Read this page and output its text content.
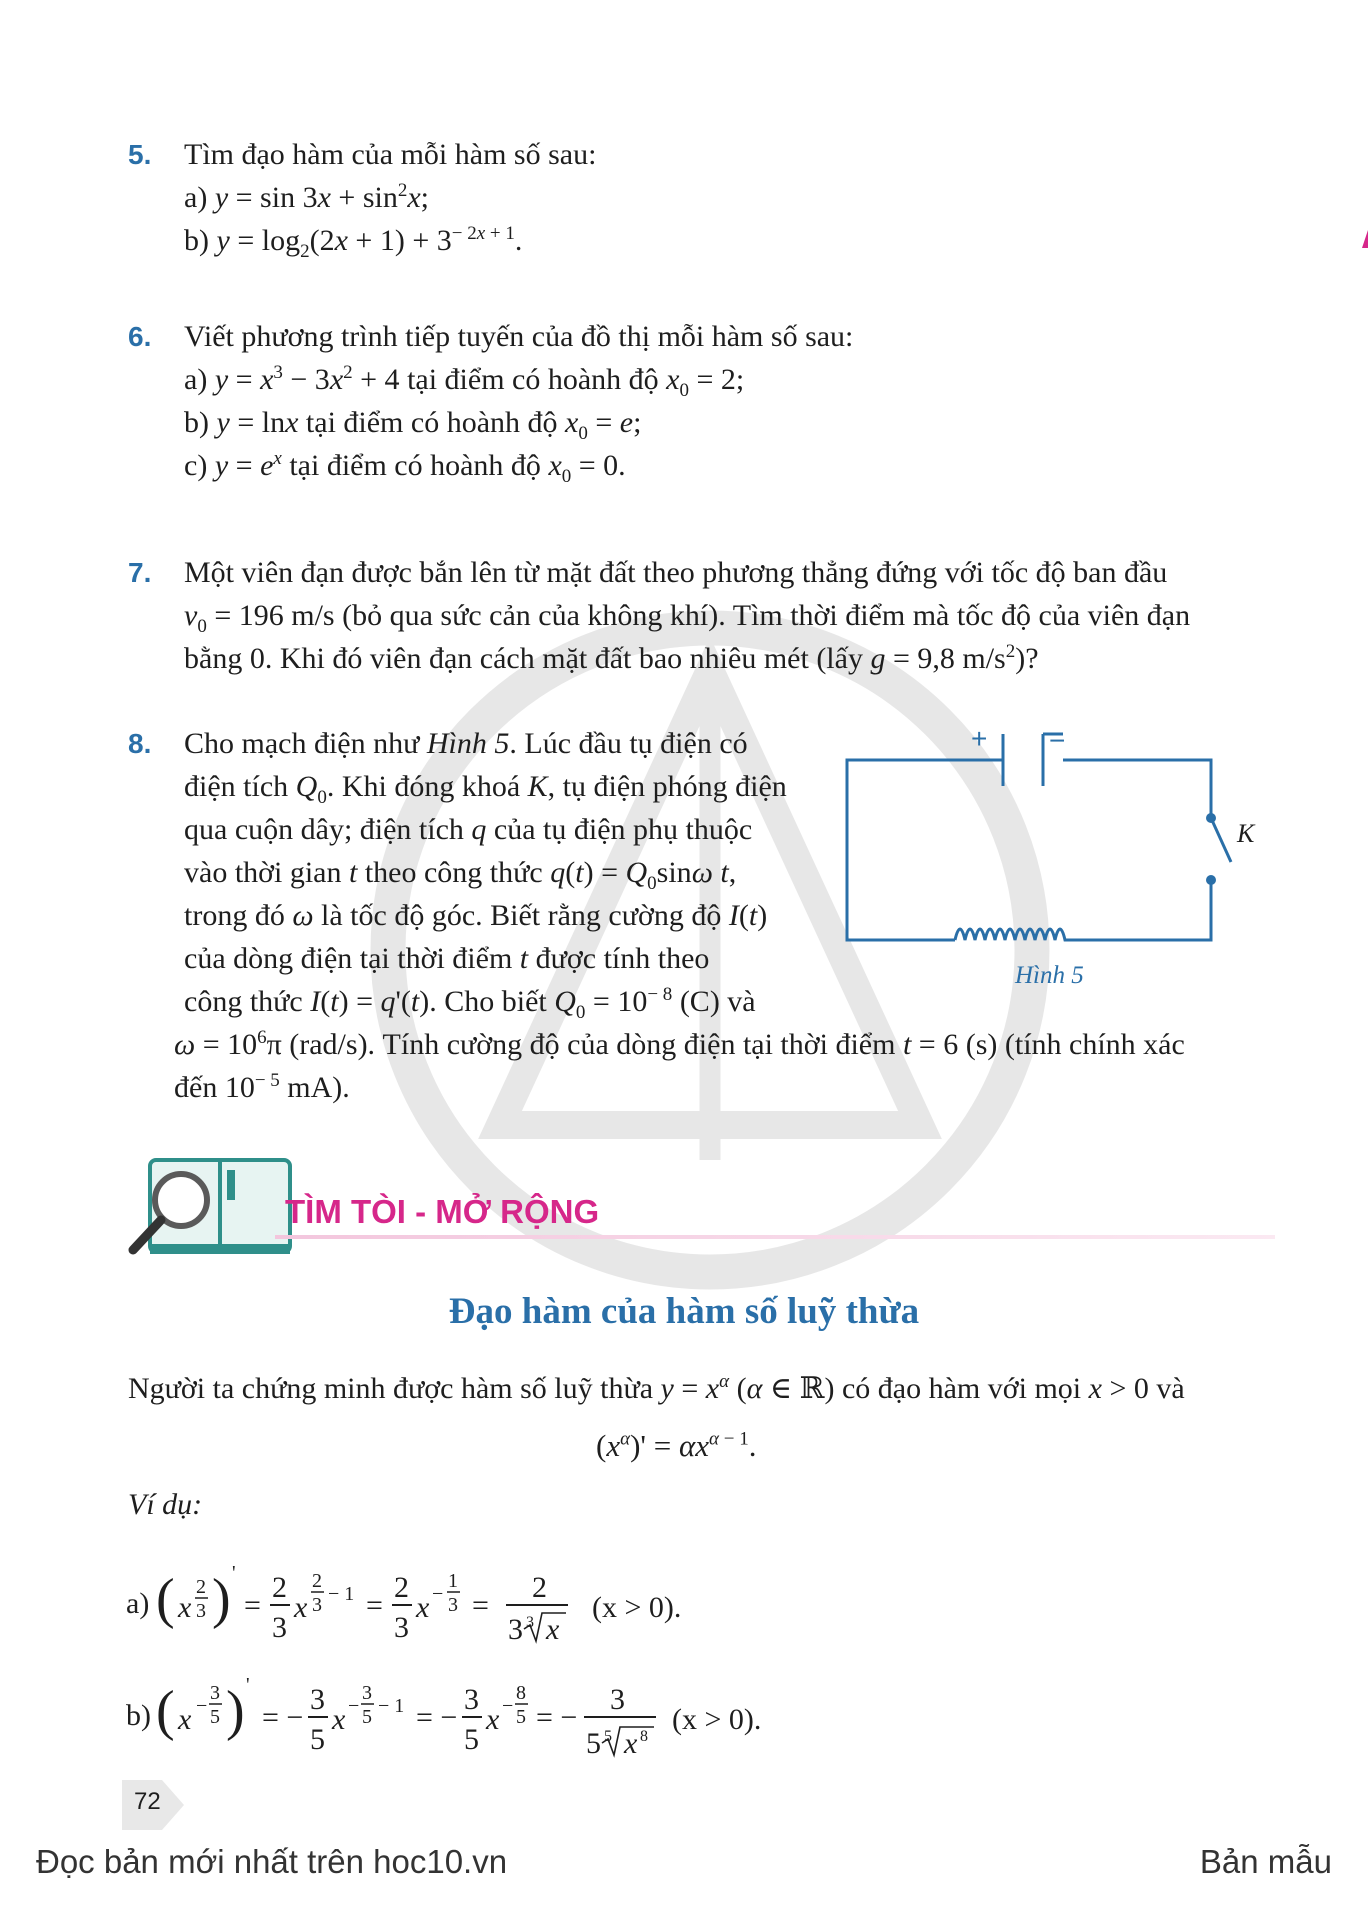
5. Tìm đạo hàm của mỗi hàm số sau:
a) $y = \sin 3x + \sin^2x$;
b) $y = \log_2(2x + 1) + 3^{- 2x + 1}$.
6. Viết phương trình tiếp tuyến của đồ thị mỗi hàm số sau:
a) $y = x^3 - 3x^2 + 4$ tại điểm có hoành độ $x_0 = 2$;
b) y = lnx tại điểm có hoành độ $x_0 = e$;
c) $y = e^x$ tại điểm có hoành độ $x_0 = 0$.
7. Một viên đạn được bắn lên từ mặt đất theo phương thẳng đứng với tốc độ ban đầu
$v_0 = 196$ m/s (bỏ qua sức cản của không khí). Tìm thời điểm mà tốc độ của viên đạn
bằng 0. Khi đó viên đạn cách mặt đất bao nhiêu mét (lấy g = 9,8 $m/s^2$)?
8. Cho mạch điện như Hình 5. Lúc đầu tụ điện có
điện tích $Q_0$. Khi đóng khoá K, tụ điện phóng điện
qua cuộn dây; điện tích q của tụ điện phụ thuộc
vào thời gian t theo công thức $q(t) = Q_0\sin\omega$ t,
trong đó ω là tốc độ góc. Biết rằng cường độ I(t)
của dòng điện tại thời điểm t được tính theo
công thức I(t) = q'(t). Cho biết $Q_0 = 10^{- 8}$ (C) và
$\omega = 10^6\pi$ (rad/s). Tính cường độ của dòng điện tại thời điểm t = 6 (s) (tính chính xác
đến $10^{- 5}$ mA).
+ −
K
Hình 5
TÌM TÒI - MỞ RỘNG
Đạo hàm của hàm số luỹ thừa
Người ta chứng minh được hàm số luỹ thừa $y = x^\alpha$ (α ∈ ℝ) có đạo hàm với mọi x > 0 và
$(x^\alpha)' = \alpha x^{\alpha - 1}$.
Ví dụ:
a) ( x
2
3 ) '
=
2
3
x
2
3 − 1 =
2
3
x −
1
3 =
2
3 3 x
(x > 0).
b) ( x −
3
5 ) '
= −
3
5
x −
3
5 − 1 = −
3
5
x −
8
5 = −
3
5 5 x 8
(x > 0).
72
Đọc bản mới nhất trên hoc10.vn	Bản mẫu
